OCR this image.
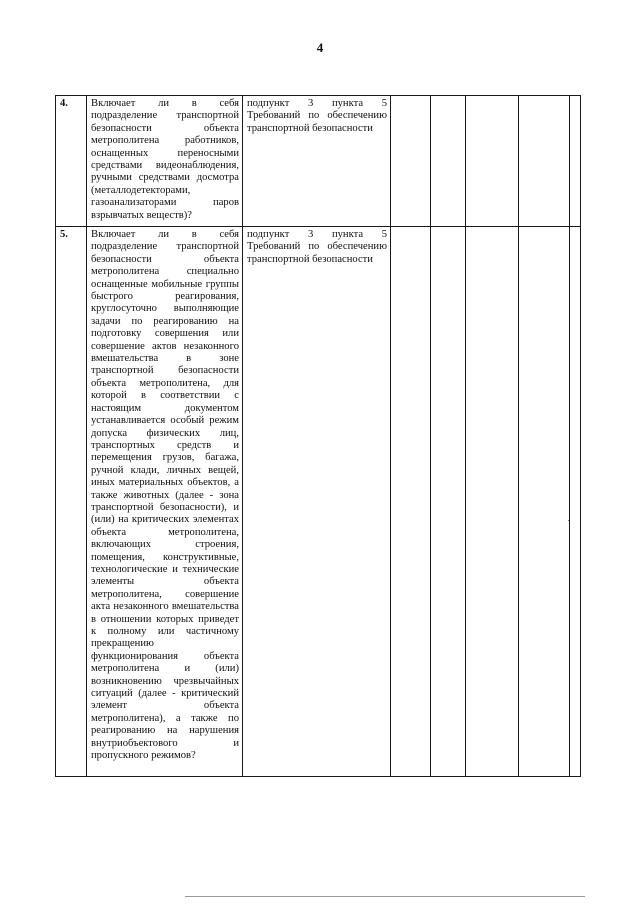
4
4.	Включает ли в себя подразделение транспортной безопасности объекта метрополитена работников, оснащенных переносными средствами видеонаблюдения, ручными средствами досмотра (металлодетекторами, газоанализаторами паров взрывчатых веществ)?	подпункт 3 пункта 5 Требований по обеспечению транспортной безопасности					
5.	Включает ли в себя подразделение транспортной безопасности объекта метрополитена специально оснащенные мобильные группы быстрого реагирования, круглосуточно выполняющие задачи по реагированию на подготовку совершения или совершение актов незаконного вмешательства в зоне транспортной безопасности объекта метрополитена, для которой в соответствии с настоящим документом устанавливается особый режим допуска физических лиц, транспортных средств и перемещения грузов, багажа, ручной клади, личных вещей, иных материальных объектов, а также животных (далее - зона транспортной безопасности), и (или) на критических элементах объекта метрополитена, включающих строения, помещения, конструктивные, технологические и технические элементы объекта метрополитена, совершение акта незаконного вмешательства в отношении которых приведет к полному или частичному прекращению функционирования объекта метрополитена и (или) возникновению чрезвычайных ситуаций (далее - критический элемент объекта метрополитена), а также по реагированию на нарушения внутриобъектового и пропускного режимов?	подпункт 3 пункта 5 Требований по обеспечению транспортной безопасности					
